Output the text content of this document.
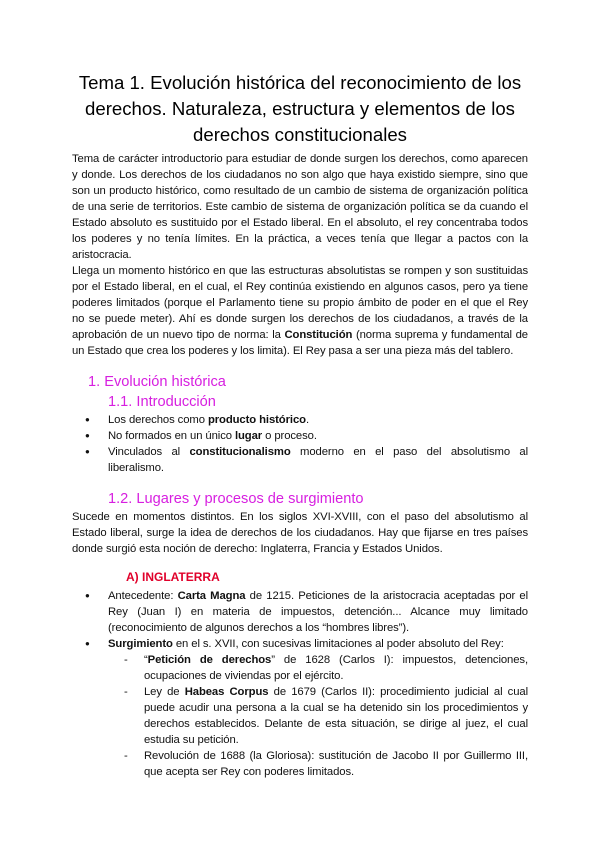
Tema 1. Evolución histórica del reconocimiento de los derechos. Naturaleza, estructura y elementos de los derechos constitucionales

Tema de carácter introductorio para estudiar de donde surgen los derechos, como aparecen y donde. Los derechos de los ciudadanos no son algo que haya existido siempre, sino que son un producto histórico, como resultado de un cambio de sistema de organización política de una serie de territorios. Este cambio de sistema de organización política se da cuando el Estado absoluto es sustituido por el Estado liberal. En el absoluto, el rey concentraba todos los poderes y no tenía límites. En la práctica, a veces tenía que llegar a pactos con la aristocracia.

Llega un momento histórico en que las estructuras absolutistas se rompen y son sustituidas por el Estado liberal, en el cual, el Rey continúa existiendo en algunos casos, pero ya tiene poderes limitados (porque el Parlamento tiene su propio ámbito de poder en el que el Rey no se puede meter). Ahí es donde surgen los derechos de los ciudadanos, a través de la aprobación de un nuevo tipo de norma: la Constitución (norma suprema y fundamental de un Estado que crea los poderes y los limita). El Rey pasa a ser una pieza más del tablero.

1. Evolución histórica
1.1. Introducción
● Los derechos como producto histórico.
● No formados en un único lugar o proceso.
● Vinculados al constitucionalismo moderno en el paso del absolutismo al liberalismo.
1.2. Lugares y procesos de surgimiento

Sucede en momentos distintos. En los siglos XVI-XVIII, con el paso del absolutismo al Estado liberal, surge la idea de derechos de los ciudadanos. Hay que fijarse en tres países donde surgió esta noción de derecho: Inglaterra, Francia y Estados Unidos.

A) INGLATERRA
● Antecedente: Carta Magna de 1215. Peticiones de la aristocracia aceptadas por el Rey (Juan I) en materia de impuestos, detención... Alcance muy limitado (reconocimiento de algunos derechos a los “hombres libres”).
● Surgimiento en el s. XVII, con sucesivas limitaciones al poder absoluto del Rey:
- “Petición de derechos” de 1628 (Carlos I): impuestos, detenciones, ocupaciones de viviendas por el ejército.
- Ley de Habeas Corpus de 1679 (Carlos II): procedimiento judicial al cual puede acudir una persona a la cual se ha detenido sin los procedimientos y derechos establecidos. Delante de esta situación, se dirige al juez, el cual estudia su petición.
- Revolución de 1688 (la Gloriosa): sustitución de Jacobo II por Guillermo III, que acepta ser Rey con poderes limitados.
